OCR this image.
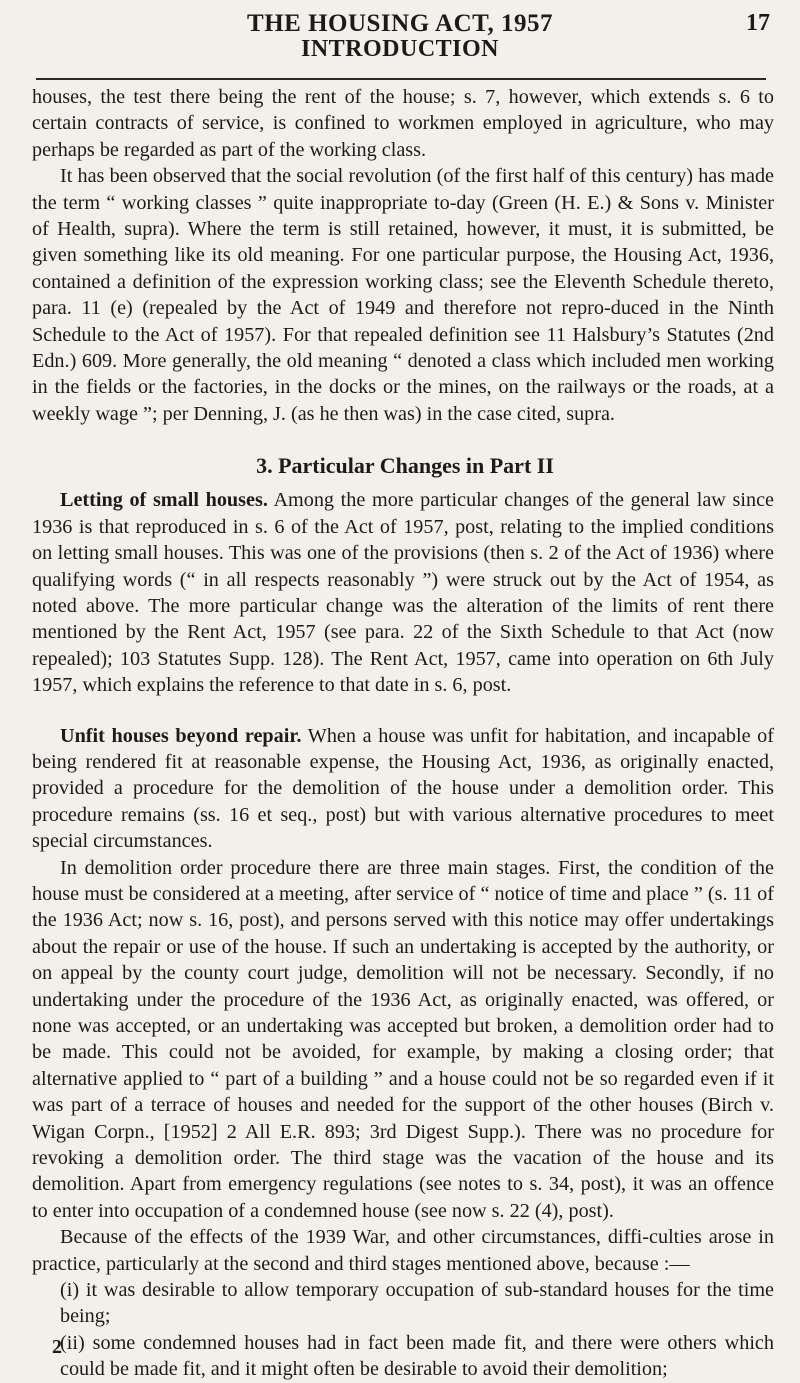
THE HOUSING ACT, 1957	17
INTRODUCTION

houses, the test there being the rent of the house; s. 7, however, which extends s. 6 to certain contracts of service, is confined to workmen employed in agriculture, who may perhaps be regarded as part of the working class.

It has been observed that the social revolution (of the first half of this century) has made the term “ working classes ” quite inappropriate to-day (Green (H. E.) & Sons v. Minister of Health, supra). Where the term is still retained, however, it must, it is submitted, be given something like its old meaning. For one particular purpose, the Housing Act, 1936, contained a definition of the expression working class; see the Eleventh Schedule thereto, para. 11 (e) (repealed by the Act of 1949 and therefore not repro-duced in the Ninth Schedule to the Act of 1957). For that repealed definition see 11 Halsbury’s Statutes (2nd Edn.) 609. More generally, the old meaning “ denoted a class which included men working in the fields or the factories, in the docks or the mines, on the railways or the roads, at a weekly wage ”; per Denning, J. (as he then was) in the case cited, supra.

3. Particular Changes in Part II

Letting of small houses. Among the more particular changes of the general law since 1936 is that reproduced in s. 6 of the Act of 1957, post, relating to the implied conditions on letting small houses. This was one of the provisions (then s. 2 of the Act of 1936) where qualifying words (“ in all respects reasonably ”) were struck out by the Act of 1954, as noted above. The more particular change was the alteration of the limits of rent there mentioned by the Rent Act, 1957 (see para. 22 of the Sixth Schedule to that Act (now repealed); 103 Statutes Supp. 128). The Rent Act, 1957, came into operation on 6th July 1957, which explains the reference to that date in s. 6, post.

Unfit houses beyond repair. When a house was unfit for habitation, and incapable of being rendered fit at reasonable expense, the Housing Act, 1936, as originally enacted, provided a procedure for the demolition of the house under a demolition order. This procedure remains (ss. 16 et seq., post) but with various alternative procedures to meet special circumstances.

In demolition order procedure there are three main stages. First, the condition of the house must be considered at a meeting, after service of “ notice of time and place ” (s. 11 of the 1936 Act; now s. 16, post), and persons served with this notice may offer undertakings about the repair or use of the house. If such an undertaking is accepted by the authority, or on appeal by the county court judge, demolition will not be necessary. Secondly, if no undertaking under the procedure of the 1936 Act, as originally enacted, was offered, or none was accepted, or an undertaking was accepted but broken, a demolition order had to be made. This could not be avoided, for example, by making a closing order; that alternative applied to “ part of a building ” and a house could not be so regarded even if it was part of a terrace of houses and needed for the support of the other houses (Birch v. Wigan Corpn., [1952] 2 All E.R. 893; 3rd Digest Supp.). There was no procedure for revoking a demolition order. The third stage was the vacation of the house and its demolition. Apart from emergency regulations (see notes to s. 34, post), it was an offence to enter into occupation of a condemned house (see now s. 22 (4), post).

Because of the effects of the 1939 War, and other circumstances, diffi-culties arose in practice, particularly at the second and third stages mentioned above, because :—

(i) it was desirable to allow temporary occupation of sub-standard houses for the time being;

(ii) some condemned houses had in fact been made fit, and there were others which could be made fit, and it might often be desirable to avoid their demolition;

2
